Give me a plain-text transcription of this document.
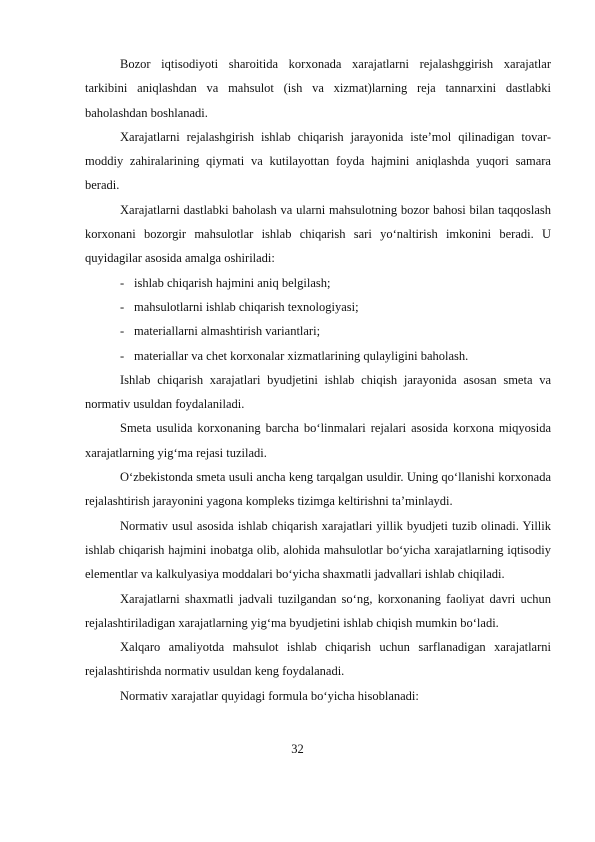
Bozor iqtisodiyoti sharoitida korxonada xarajatlarni rejalashggirish xarajatlar tarkibini aniqlashdan va mahsulot (ish va xizmat)larning reja tannarxini dastlabki baholashdan boshlanadi.

Xarajatlarni rejalashgirish ishlab chiqarish jarayonida iste’mol qilinadigan tovar-moddiy zahiralarining qiymati va kutilayottan foyda hajmini aniqlashda yuqori samara beradi.

Xarajatlarni dastlabki baholash va ularni mahsulotning bozor bahosi bilan taqqoslash korxonani bozorgir mahsulotlar ishlab chiqarish sari yo‘naltirish imkonini beradi. U quyidagilar asosida amalga oshiriladi:

- ishlab chiqarish hajmini aniq belgilash;
- mahsulotlarni ishlab chiqarish texnologiyasi;
- materiallarni almashtirish variantlari;
- materiallar va chet korxonalar xizmatlarining qulayligini baholash.

Ishlab chiqarish xarajatlari byudjetini ishlab chiqish jarayonida asosan smeta va normativ usuldan foydalaniladi.

Smeta usulida korxonaning barcha bo‘linmalari rejalari asosida korxona miqyosida xarajatlarning yig‘ma rejasi tuziladi.

O‘zbekistonda smeta usuli ancha keng tarqalgan usuldir. Uning qo‘llanishi korxonada rejalashtirish jarayonini yagona kompleks tizimga keltirishni ta’minlaydi.

Normativ usul asosida ishlab chiqarish xarajatlari yillik byudjeti tuzib olinadi. Yillik ishlab chiqarish hajmini inobatga olib, alohida mahsulotlar bo‘yicha xarajatlarning iqtisodiy elementlar va kalkulyasiya moddalari bo‘yicha shaxmatli jadvallari ishlab chiqiladi.

Xarajatlarni shaxmatli jadvali tuzilgandan so‘ng, korxonaning faoliyat davri uchun rejalashtiriladigan xarajatlarning yig‘ma byudjetini ishlab chiqish mumkin bo‘ladi.

Xalqaro amaliyotda mahsulot ishlab chiqarish uchun sarflanadigan xarajatlarni rejalashtirishda normativ usuldan keng foydalanadi.

Normativ xarajatlar quyidagi formula bo‘yicha hisoblanadi:

32
